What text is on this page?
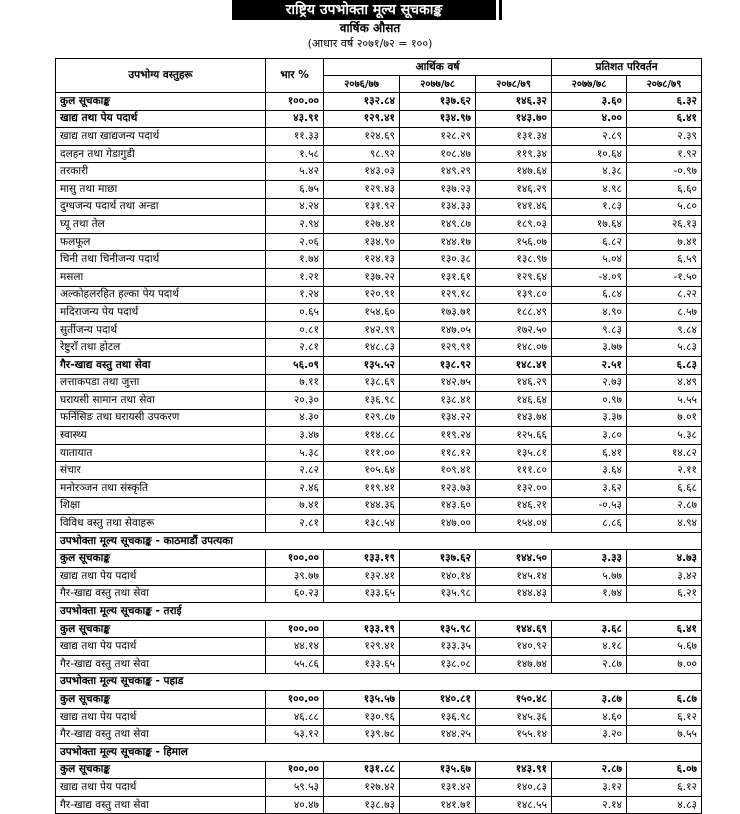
राष्ट्रिय उपभोक्ता मूल्य सूचकाङ्क
वार्षिक औसत
(आधार वर्ष २०७१/७२ = १००)
उपभोग्य वस्तुहरू	भार %	आर्थिक वर्ष			प्रतिशत परिवर्तन	
		२०७६/७७	२०७७/७८	२०७८/७९	२०७७/७८	२०७८/७९
कुल सूचकाङ्क	१००.००	१३२.८४	१३७.६२	१४६.३२	३.६०	६.३२
खाद्य तथा पेय पदार्थ	४३.९१	१२९.४१	१३४.९७	१४३.७०	४.००	६.४१
खाद्य तथा खाद्यजन्य पदार्थ	११.३३	१२४.६९	१२८.२९	१३१.३४	२.८९	२.३९
दलहन तथा गेडागुडी	१.५८	९८.९२	१०८.४७	११९.३४	१०.६४	१.९२
तरकारी	५.४२	१४३.०३	१४९.२९	१४७.६४	४.३८	-०.९७
मासु तथा माछा	६.७५	१२९.४३	१३७.२३	१४६.२९	४.९८	६.६०
दुग्धजन्य पदार्थ तथा अन्डा	४.२४	१३१.९२	१३४.३३	१४१.४६	१.८३	५.८०
घ्यू तथा तेल	२.९४	१२७.४१	१४९.८७	१८९.०३	१७.६४	२६.१३
फलफूल	२.०६	१३४.९०	१४४.१७	१५६.०७	६.८२	७.४१
चिनी तथा चिनीजन्य पदार्थ	१.७४	१२४.१३	१३०.३८	१३८.९७	५.०४	६.५९
मसला	१.२१	१३७.२२	१३१.६१	१२९.६४	-४.०९	-१.५०
अल्कोहलरहित हल्का पेय पदार्थ	१.२४	१२०.९१	१२९.१८	१३९.८०	६.८४	८.२२
मदिराजन्य पेय पदार्थ	०.६५	१५४.६०	१७३.७१	१८८.४९	४.९०	८.५७
सुर्तीजन्य पदार्थ	०.८१	१४२.९९	१४७.०५	१७२.५०	९.८३	९.८४
रेष्टुराँ तथा होटल	२.८१	१४८.८३	१२९.९१	१४८.०७	३.७७	५.८३
गैर-खाद्य वस्तु तथा सेवा	५६.०९	१३५.५२	१३८.९२	१४८.४१	२.५१	६.८३
लत्ताकपडा तथा जुत्ता	७.११	१३८.६९	१४२.७५	१४६.२९	२.७३	४.४९
घरायसी सामान तथा सेवा	२०.३०	१३६.९८	१३८.४१	१४६.६४	०.९७	५.५५
फर्निसिङ तथा घरायसी उपकरण	४.३०	१२९.८७	१३४.२२	१४३.७४	३.३७	७.०१
स्वास्थ्य	३.४७	११४.८८	११९.२४	१२५.६६	३.८०	५.३८
यातायात	५.३८	१११.००	११८.१२	१३५.८१	६.४१	१४.८२
संचार	२.८२	१०५.६४	१०९.४१	१११.८०	३.६४	२.११
मनोरञ्जन तथा संस्कृति	२.४६	११९.४१	१२३.७३	१३२.००	३.६२	६.६८
शिक्षा	७.४१	१४४.३६	१४३.६०	१४६.२१	-०.५३	२.८७
विविध वस्तु तथा सेवाहरू	२.८१	१३८.५४	१४७.००	१५४.०४	८.८६	४.९४
उपभोक्ता मूल्य सूचकाङ्क - काठमाडौं उपत्यका						
कुल सूचकाङ्क	१००.००	१३३.१९	१३७.६२	१४४.५०	३.३३	४.७३
खाद्य तथा पेय पदार्थ	३९.७७	१३२.४१	१४०.१४	१४५.१४	५.७७	३.४२
गैर-खाद्य वस्तु तथा सेवा	६०.२३	१३३.६५	१३५.९८	१४४.४३	१.७४	६.२१
उपभोक्ता मूल्य सूचकाङ्क - तराई						
कुल सूचकाङ्क	१००.००	१३३.१९	१३५.९८	१४४.६९	३.६८	६.४१
खाद्य तथा पेय पदार्थ	४४.१४	१२९.४१	१३३.३५	१४०.९२	४.१८	५.६७
गैर-खाद्य वस्तु तथा सेवा	५५.८६	१३३.६५	१३८.०८	१४७.७४	२.८७	७.००
उपभोक्ता मूल्य सूचकाङ्क - पहाड						
कुल सूचकाङ्क	१००.००	१३५.५७	१४०.८१	१५०.४८	३.८७	६.८७
खाद्य तथा पेय पदार्थ	४६.८८	१३०.९६	१३६.९८	१४५.३६	४.६०	६.१२
गैर-खाद्य वस्तु तथा सेवा	५३.१२	१३९.७८	१४४.२५	१५५.१४	३.२०	७.५५
उपभोक्ता मूल्य सूचकाङ्क - हिमाल						
कुल सूचकाङ्क	१००.००	१३१.८८	१३५.६७	१४३.९१	२.८७	६.०७
खाद्य तथा पेय पदार्थ	५९.५३	१२७.४२	१३१.४२	१४०.८३	३.१२	६.१२
गैर-खाद्य वस्तु तथा सेवा	४०.४७	१३८.७३	१४१.७१	१४८.५५	२.१४	४.८३
